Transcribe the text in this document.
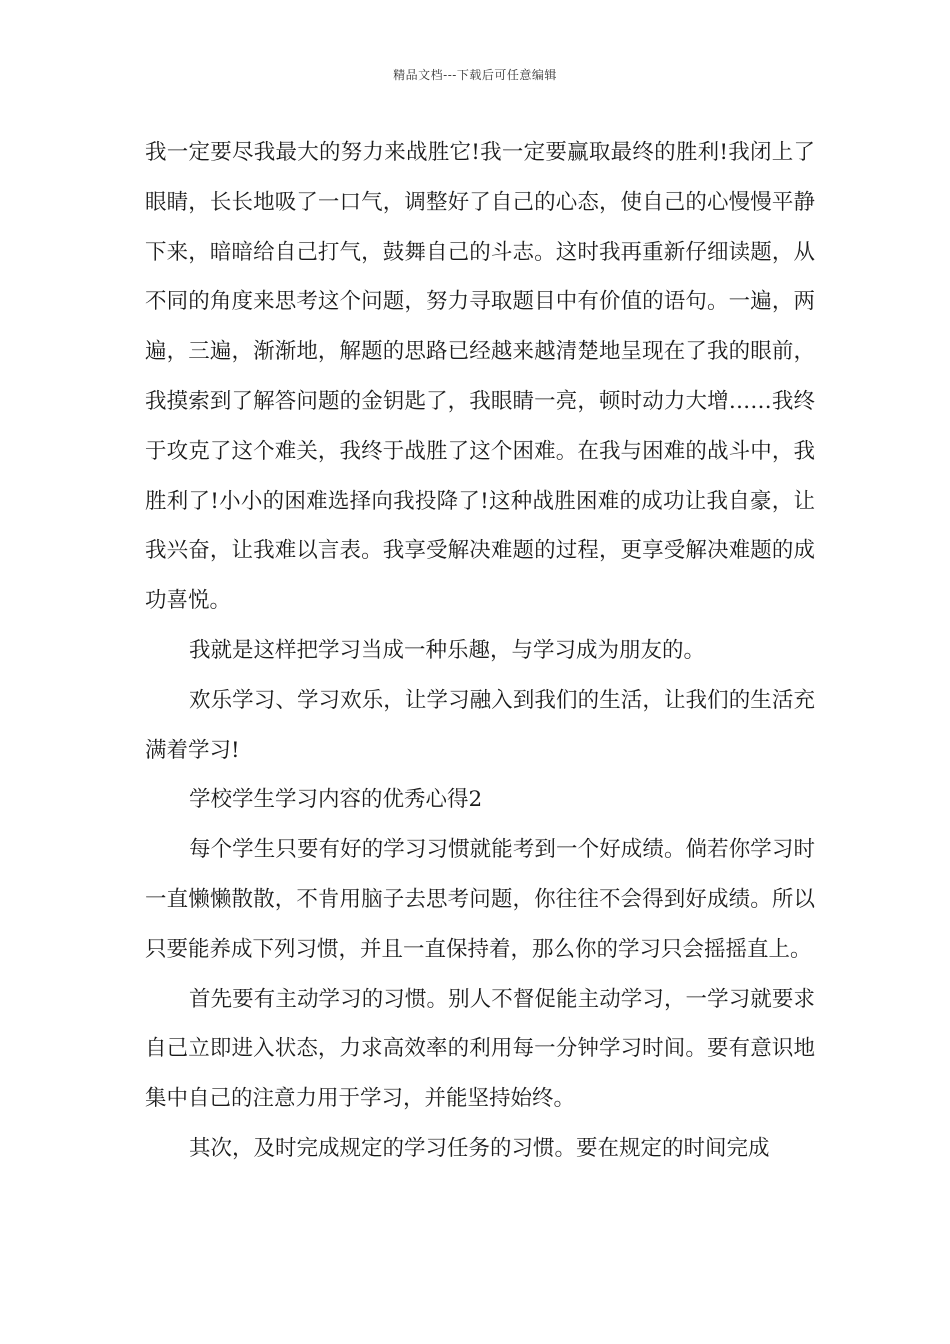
精品文档---下载后可任意编辑

我一定要尽我最大的努力来战胜它!我一定要赢取最终的胜利!我闭上了眼睛，长长地吸了一口气，调整好了自己的心态，使自己的心慢慢平静下来，暗暗给自己打气，鼓舞自己的斗志。这时我再重新仔细读题，从不同的角度来思考这个问题，努力寻取题目中有价值的语句。一遍，两遍，三遍，渐渐地，解题的思路已经越来越清楚地呈现在了我的眼前，我摸索到了解答问题的金钥匙了，我眼睛一亮，顿时动力大增……我终于攻克了这个难关，我终于战胜了这个困难。在我与困难的战斗中，我胜利了!小小的困难选择向我投降了!这种战胜困难的成功让我自豪，让我兴奋，让我难以言表。我享受解决难题的过程，更享受解决难题的成功喜悦。

我就是这样把学习当成一种乐趣，与学习成为朋友的。

欢乐学习、学习欢乐，让学习融入到我们的生活，让我们的生活充满着学习!

学校学生学习内容的优秀心得2

每个学生只要有好的学习习惯就能考到一个好成绩。倘若你学习时一直懒懒散散，不肯用脑子去思考问题，你往往不会得到好成绩。所以只要能养成下列习惯，并且一直保持着，那么你的学习只会摇摇直上。

首先要有主动学习的习惯。别人不督促能主动学习，一学习就要求自己立即进入状态，力求高效率的利用每一分钟学习时间。要有意识地集中自己的注意力用于学习，并能坚持始终。

其次，及时完成规定的学习任务的习惯。要在规定的时间完成
